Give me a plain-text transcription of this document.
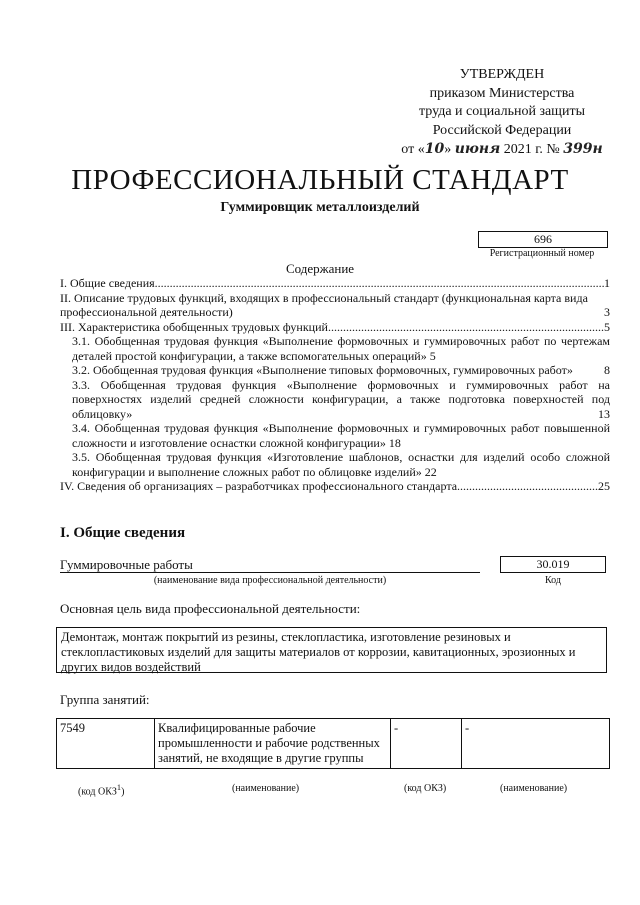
УТВЕРЖДЕН
приказом Министерства
труда и социальной защиты
Российской Федерации
от «10» июня 2021 г. № 399н
ПРОФЕССИОНАЛЬНЫЙ СТАНДАРТ
Гуммировщик металлоизделий
696
Регистрационный номер
Содержание
I. Общие сведения .....	1
II. Описание трудовых функций, входящих в профессиональный стандарт (функциональная карта вида профессиональной деятельности)	3
III. Характеристика обобщенных трудовых функций .....	5
3.1. Обобщенная трудовая функция «Выполнение формовочных и гуммировочных работ по чертежам деталей простой конфигурации, а также вспомогательных операций» 5
3.2. Обобщенная трудовая функция «Выполнение типовых формовочных, гуммировочных работ»	8
3.3. Обобщенная трудовая функция «Выполнение формовочных и гуммировочных работ на поверхностях изделий средней сложности конфигурации, а также подготовка поверхностей под облицовку»	13
3.4. Обобщенная трудовая функция «Выполнение формовочных и гуммировочных работ повышенной сложности и изготовление оснастки сложной конфигурации» 18
3.5. Обобщенная трудовая функция «Изготовление шаблонов, оснастки для изделий особо сложной конфигурации и выполнение сложных работ по облицовке изделий» 22
IV. Сведения об организациях – разработчиках профессионального стандарта .....	25
I. Общие сведения
Гуммировочные работы
(наименование вида профессиональной деятельности)
30.019
Код
Основная цель вида профессиональной деятельности:
Демонтаж, монтаж покрытий из резины, стеклопластика, изготовление резиновых и стеклопластиковых изделий для защиты материалов от коррозии, кавитационных, эрозионных и других видов воздействий
Группа занятий:
7549	Квалифицированные рабочие промышленности и рабочие родственных занятий, не входящие в другие группы	-	-
(код ОКЗ$^1$)	(наименование)	(код ОКЗ)	(наименование)
